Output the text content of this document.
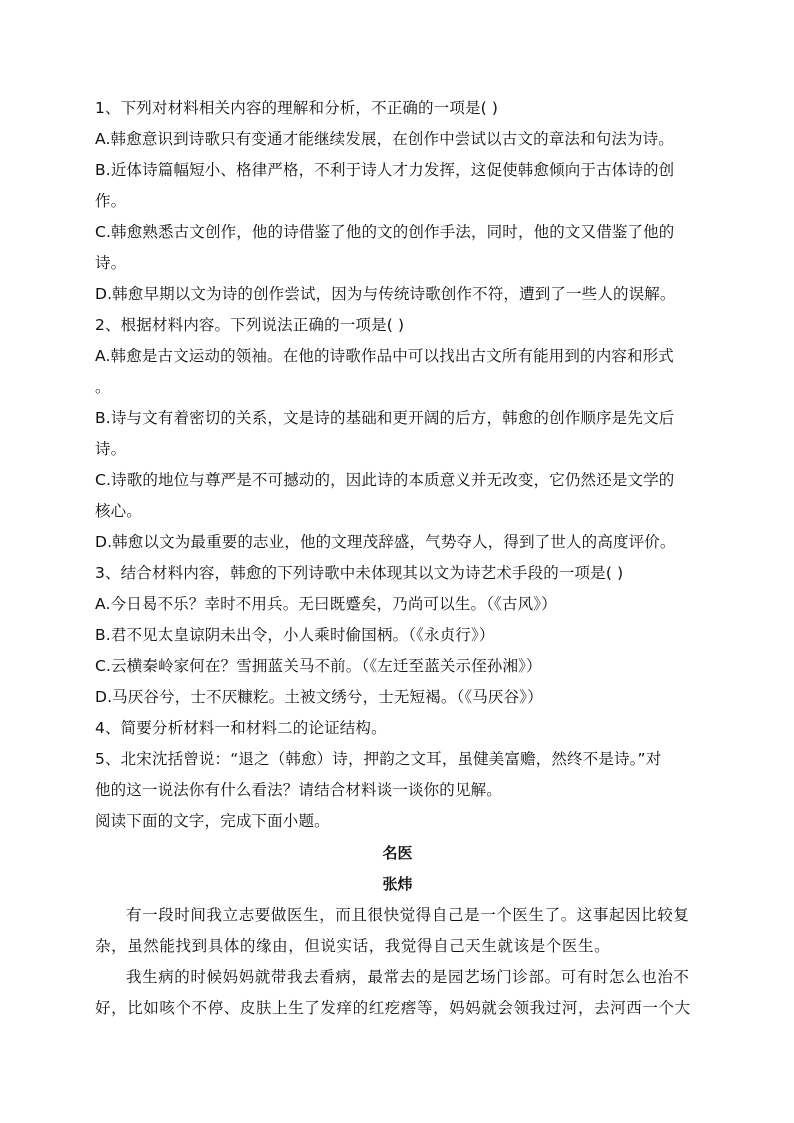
1、下列对材料相关内容的理解和分析，不正确的一项是( )
A.韩愈意识到诗歌只有变通才能继续发展，在创作中尝试以古文的章法和句法为诗。
B.近体诗篇幅短小、格律严格，不利于诗人才力发挥，这促使韩愈倾向于古体诗的创
作。
C.韩愈熟悉古文创作，他的诗借鉴了他的文的创作手法，同时，他的文又借鉴了他的
诗。
D.韩愈早期以文为诗的创作尝试，因为与传统诗歌创作不符，遭到了一些人的误解。
2、根据材料内容。下列说法正确的一项是( )
A.韩愈是古文运动的领袖。在他的诗歌作品中可以找出古文所有能用到的内容和形式
。
B.诗与文有着密切的关系，文是诗的基础和更开阔的后方，韩愈的创作顺序是先文后
诗。
C.诗歌的地位与尊严是不可撼动的，因此诗的本质意义并无改变，它仍然还是文学的
核心。
D.韩愈以文为最重要的志业，他的文理茂辞盛，气势夺人，得到了世人的高度评价。
3、结合材料内容，韩愈的下列诗歌中未体现其以文为诗艺术手段的一项是( )
A.今日曷不乐？幸时不用兵。无曰既蹙矣，乃尚可以生。（《古风》）
B.君不见太皇谅阴未出令，小人乘时偷国柄。（《永贞行》）
C.云横秦岭家何在？雪拥蓝关马不前。（《左迁至蓝关示侄孙湘》）
D.马厌谷兮，士不厌糠籺。土被文绣兮，士无短褐。（《马厌谷》）
4、简要分析材料一和材料二的论证结构。
5、北宋沈括曾说：“退之（韩愈）诗，押韵之文耳，虽健美富赡，然终不是诗。”对
他的这一说法你有什么看法？请结合材料谈一谈你的见解。
阅读下面的文字，完成下面小题。
名医
张炜

有一段时间我立志要做医生，而且很快觉得自己是一个医生了。这事起因比较复杂，虽然能找到具体的缘由，但说实话，我觉得自己天生就该是个医生。

我生病的时候妈妈就带我去看病，最常去的是园艺场门诊部。可有时怎么也治不好，比如咳个不停、皮肤上生了发痒的红疙瘩等，妈妈就会领我过河，去河西一个大
